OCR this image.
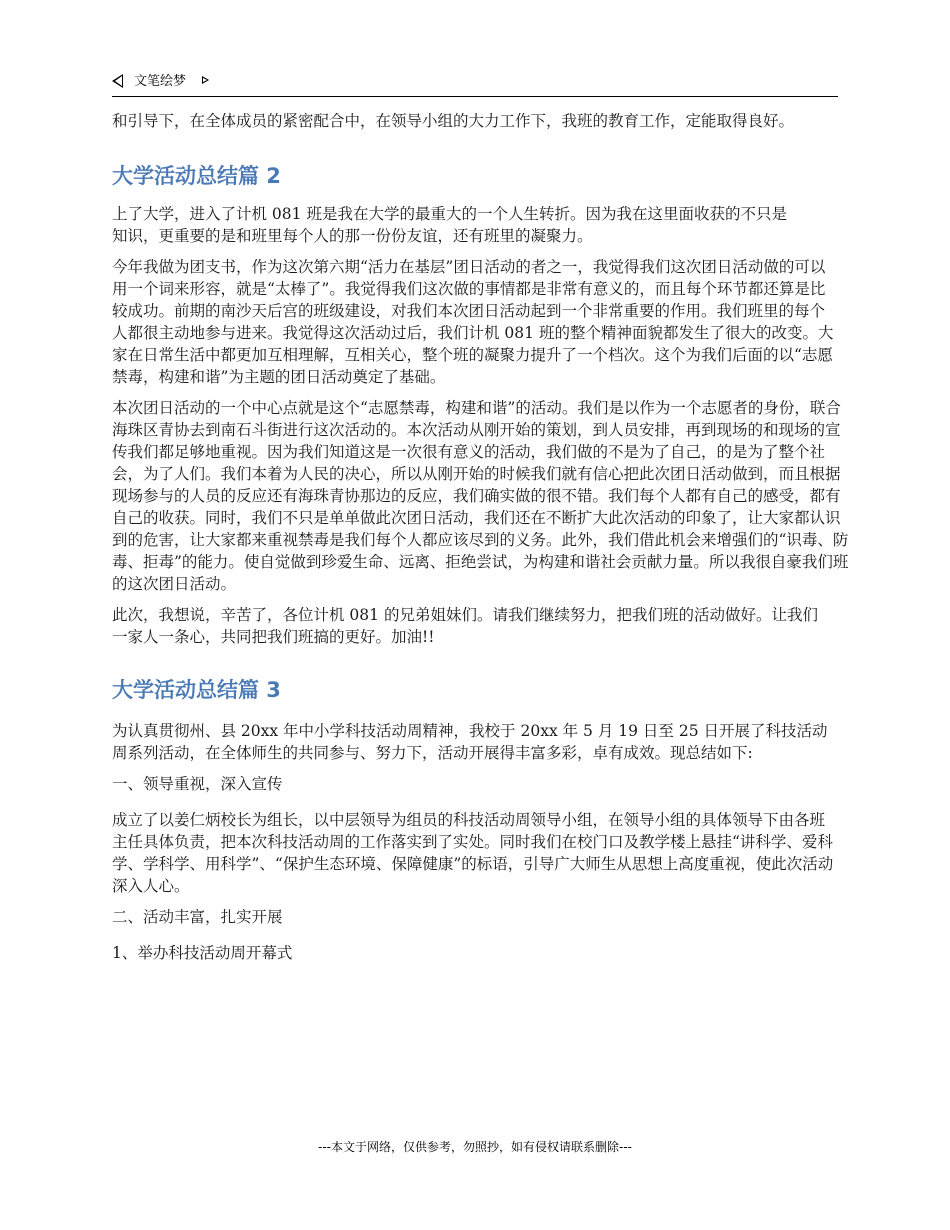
文笔绘梦

和引导下，在全体成员的紧密配合中，在领导小组的大力工作下，我班的教育工作，定能取得良好。

大学活动总结篇 2

上了大学，进入了计机 081 班是我在大学的最重大的一个人生转折。因为我在这里面收获的不只是知识，更重要的是和班里每个人的那一份份友谊，还有班里的凝聚力。

今年我做为团支书，作为这次第六期“活力在基层”团日活动的者之一，我觉得我们这次团日活动做的可以用一个词来形容，就是“太棒了”。我觉得我们这次做的事情都是非常有意义的，而且每个环节都还算是比较成功。前期的南沙天后宫的班级建设，对我们本次团日活动起到一个非常重要的作用。我们班里的每个人都很主动地参与进来。我觉得这次活动过后，我们计机 081 班的整个精神面貌都发生了很大的改变。大家在日常生活中都更加互相理解，互相关心，整个班的凝聚力提升了一个档次。这个为我们后面的以“志愿禁毒，构建和谐”为主题的团日活动奠定了基础。

本次团日活动的一个中心点就是这个“志愿禁毒，构建和谐”的活动。我们是以作为一个志愿者的身份，联合海珠区青协去到南石斗街进行这次活动的。本次活动从刚开始的策划，到人员安排，再到现场的和现场的宣传我们都足够地重视。因为我们知道这是一次很有意义的活动，我们做的不是为了自己，的是为了整个社会，为了人们。我们本着为人民的决心，所以从刚开始的时候我们就有信心把此次团日活动做到，而且根据现场参与的人员的反应还有海珠青协那边的反应，我们确实做的很不错。我们每个人都有自己的感受，都有自己的收获。同时，我们不只是单单做此次团日活动，我们还在不断扩大此次活动的印象了，让大家都认识到的危害，让大家都来重视禁毒是我们每个人都应该尽到的义务。此外，我们借此机会来增强们的“识毒、防毒、拒毒”的能力。使自觉做到珍爱生命、远离、拒绝尝试，为构建和谐社会贡献力量。所以我很自豪我们班的这次团日活动。

此次，我想说，辛苦了，各位计机 081 的兄弟姐妹们。请我们继续努力，把我们班的活动做好。让我们一家人一条心，共同把我们班搞的更好。加油!!

大学活动总结篇 3

为认真贯彻州、县 20xx 年中小学科技活动周精神，我校于 20xx 年 5 月 19 日至 25 日开展了科技活动周系列活动，在全体师生的共同参与、努力下，活动开展得丰富多彩，卓有成效。现总结如下:

一、领导重视，深入宣传

成立了以姜仁炳校长为组长，以中层领导为组员的科技活动周领导小组，在领导小组的具体领导下由各班主任具体负责，把本次科技活动周的工作落实到了实处。同时我们在校门口及教学楼上悬挂“讲科学、爱科学、学科学、用科学”、“保护生态环境、保障健康”的标语，引导广大师生从思想上高度重视，使此次活动深入人心。

二、活动丰富，扎实开展

1、举办科技活动周开幕式

---本文于网络，仅供参考，勿照抄，如有侵权请联系删除---
